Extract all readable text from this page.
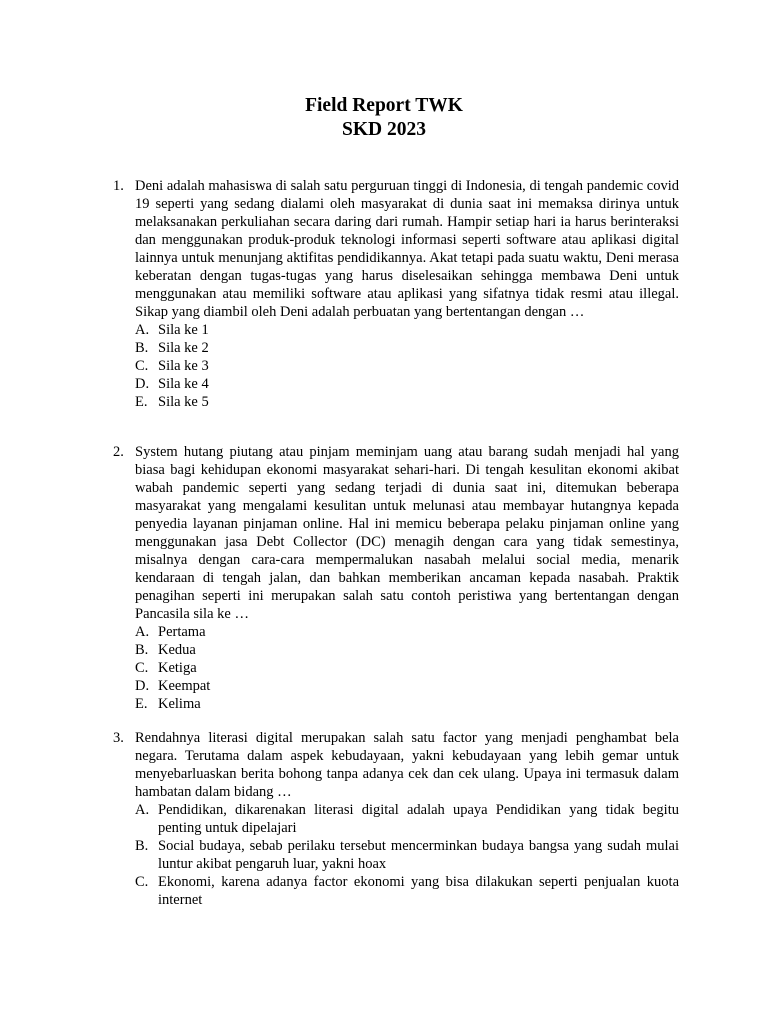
Field Report TWK
SKD 2023
1. Deni adalah mahasiswa di salah satu perguruan tinggi di Indonesia, di tengah pandemic covid 19 seperti yang sedang dialami oleh masyarakat di dunia saat ini memaksa dirinya untuk melaksanakan perkuliahan secara daring dari rumah. Hampir setiap hari ia harus berinteraksi dan menggunakan produk-produk teknologi informasi seperti software atau aplikasi digital lainnya untuk menunjang aktifitas pendidikannya. Akat tetapi pada suatu waktu, Deni merasa keberatan dengan tugas-tugas yang harus diselesaikan sehingga membawa Deni untuk menggunakan atau memiliki software atau aplikasi yang sifatnya tidak resmi atau illegal. Sikap yang diambil oleh Deni adalah perbuatan yang bertentangan dengan …
A. Sila ke 1
B. Sila ke 2
C. Sila ke 3
D. Sila ke 4
E. Sila ke 5
2. System hutang piutang atau pinjam meminjam uang atau barang sudah menjadi hal yang biasa bagi kehidupan ekonomi masyarakat sehari-hari. Di tengah kesulitan ekonomi akibat wabah pandemic seperti yang sedang terjadi di dunia saat ini, ditemukan beberapa masyarakat yang mengalami kesulitan untuk melunasi atau membayar hutangnya kepada penyedia layanan pinjaman online. Hal ini memicu beberapa pelaku pinjaman online yang menggunakan jasa Debt Collector (DC) menagih dengan cara yang tidak semestinya, misalnya dengan cara-cara mempermalukan nasabah melalui social media, menarik kendaraan di tengah jalan, dan bahkan memberikan ancaman kepada nasabah. Praktik penagihan seperti ini merupakan salah satu contoh peristiwa yang bertentangan dengan Pancasila sila ke …
A. Pertama
B. Kedua
C. Ketiga
D. Keempat
E. Kelima
3. Rendahnya literasi digital merupakan salah satu factor yang menjadi penghambat bela negara. Terutama dalam aspek kebudayaan, yakni kebudayaan yang lebih gemar untuk menyebarluaskan berita bohong tanpa adanya cek dan cek ulang. Upaya ini termasuk dalam hambatan dalam bidang …
A. Pendidikan, dikarenakan literasi digital adalah upaya Pendidikan yang tidak begitu penting untuk dipelajari
B. Social budaya, sebab perilaku tersebut mencerminkan budaya bangsa yang sudah mulai luntur akibat pengaruh luar, yakni hoax
C. Ekonomi, karena adanya factor ekonomi yang bisa dilakukan seperti penjualan kuota internet
